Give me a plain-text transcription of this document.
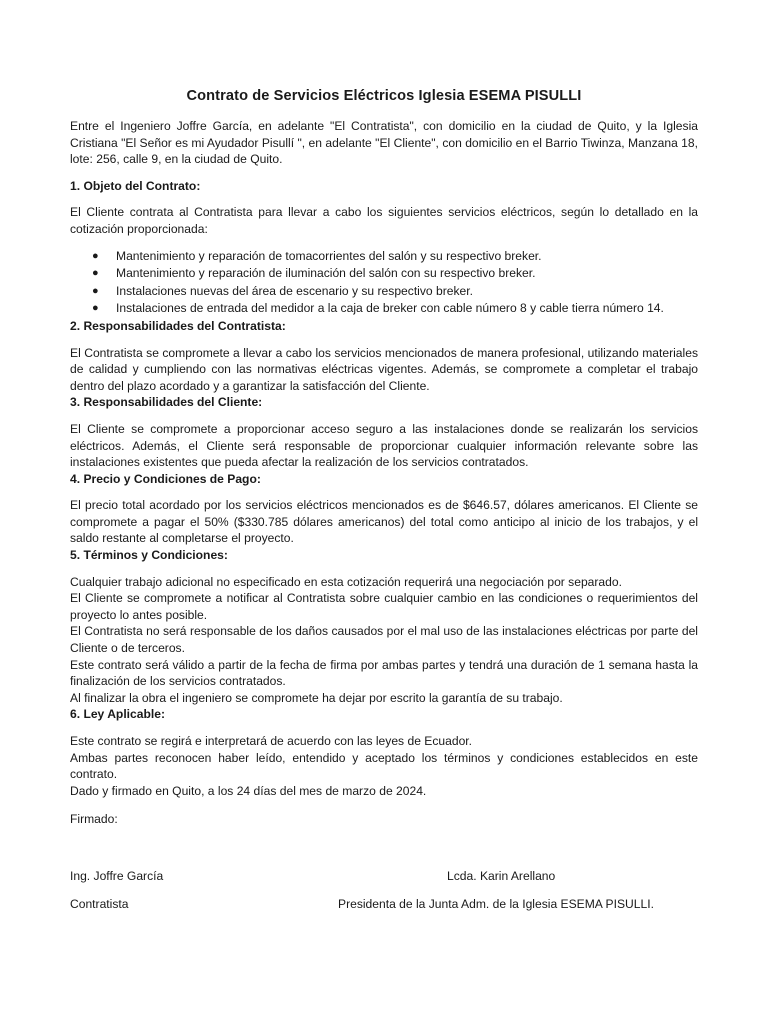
Contrato de Servicios Eléctricos Iglesia ESEMA PISULLI

Entre el Ingeniero Joffre García, en adelante "El Contratista", con domicilio en la ciudad de Quito, y la Iglesia Cristiana "El Señor es mi Ayudador Pisullí ", en adelante "El Cliente", con domicilio en el Barrio Tiwinza, Manzana 18, lote: 256, calle 9, en la ciudad de Quito.

1. Objeto del Contrato:

El Cliente contrata al Contratista para llevar a cabo los siguientes servicios eléctricos, según lo detallado en la cotización proporcionada:

● Mantenimiento y reparación de tomacorrientes del salón y su respectivo breker.
● Mantenimiento y reparación de iluminación del salón con su respectivo breker.
● Instalaciones nuevas del área de escenario y su respectivo breker.
● Instalaciones de entrada del medidor a la caja de breker con cable número 8 y cable tierra número 14.
2. Responsabilidades del Contratista:

El Contratista se compromete a llevar a cabo los servicios mencionados de manera profesional, utilizando materiales de calidad y cumpliendo con las normativas eléctricas vigentes. Además, se compromete a completar el trabajo dentro del plazo acordado y a garantizar la satisfacción del Cliente.

3. Responsabilidades del Cliente:

El Cliente se compromete a proporcionar acceso seguro a las instalaciones donde se realizarán los servicios eléctricos. Además, el Cliente será responsable de proporcionar cualquier información relevante sobre las instalaciones existentes que pueda afectar la realización de los servicios contratados.

4. Precio y Condiciones de Pago:

El precio total acordado por los servicios eléctricos mencionados es de $646.57, dólares americanos. El Cliente se compromete a pagar el 50% ($330.785 dólares americanos) del total como anticipo al inicio de los trabajos, y el saldo restante al completarse el proyecto.

5. Términos y Condiciones:

Cualquier trabajo adicional no especificado en esta cotización requerirá una negociación por separado.

El Cliente se compromete a notificar al Contratista sobre cualquier cambio en las condiciones o requerimientos del proyecto lo antes posible.

El Contratista no será responsable de los daños causados por el mal uso de las instalaciones eléctricas por parte del Cliente o de terceros.

Este contrato será válido a partir de la fecha de firma por ambas partes y tendrá una duración de 1 semana hasta la finalización de los servicios contratados.

Al finalizar la obra el ingeniero se compromete ha dejar por escrito la garantía de su trabajo.

6. Ley Aplicable:

Este contrato se regirá e interpretará de acuerdo con las leyes de Ecuador.

Ambas partes reconocen haber leído, entendido y aceptado los términos y condiciones establecidos en este contrato.

Dado y firmado en Quito, a los 24 días del mes de marzo de 2024.

Firmado:

Ing. Joffre García	Lcda. Karin Arellano
Contratista	Presidenta de la Junta Adm. de la Iglesia ESEMA PISULLI.
